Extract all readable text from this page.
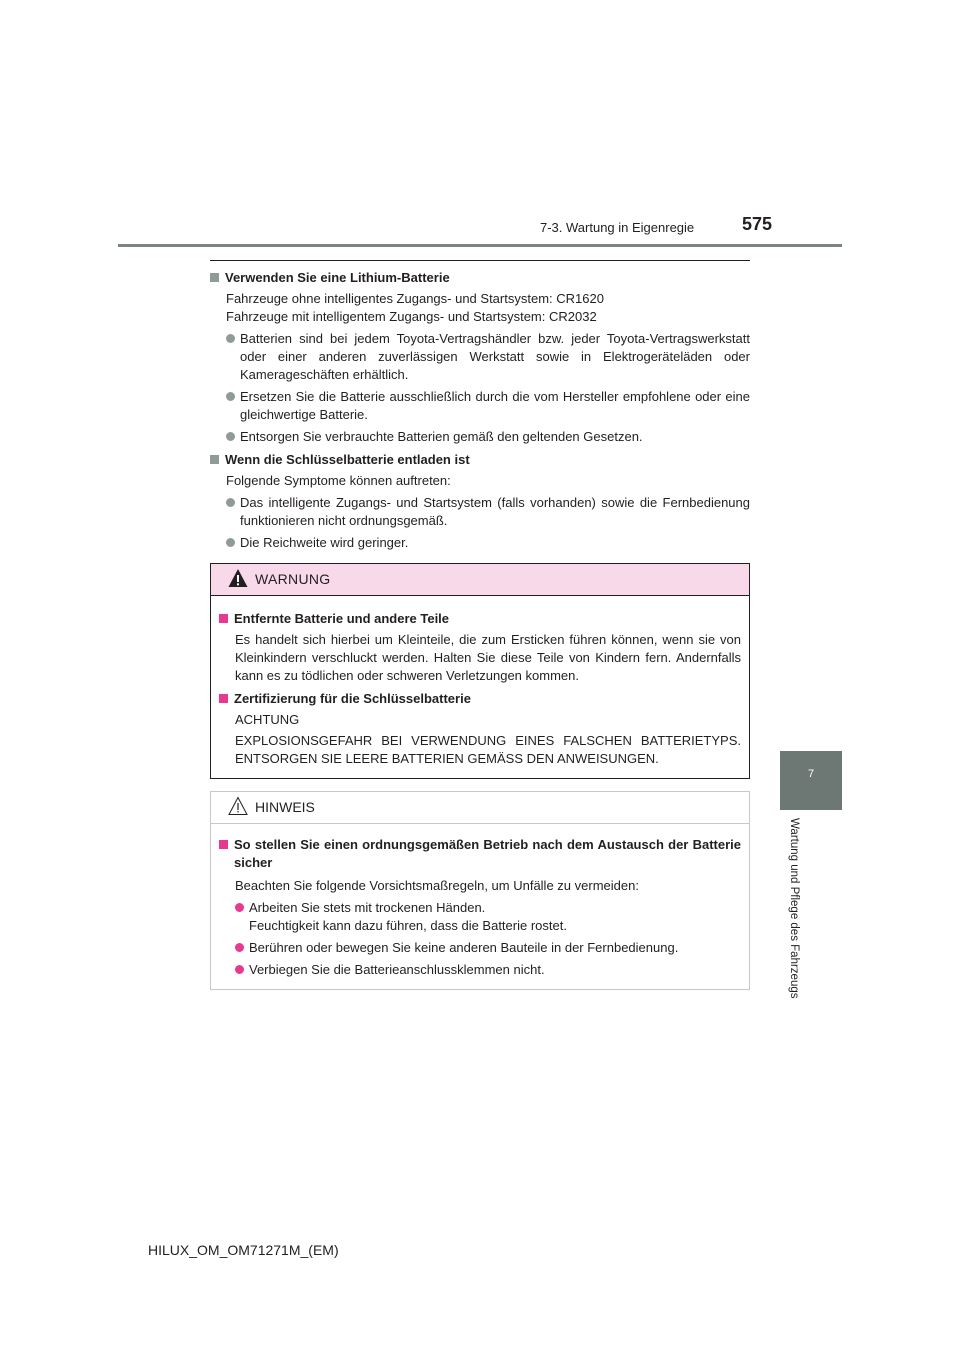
7-3. Wartung in Eigenregie	575
7
Wartung und Pflege des Fahrzeugs
Verwenden Sie eine Lithium-Batterie

Fahrzeuge ohne intelligentes Zugangs- und Startsystem: CR1620

Fahrzeuge mit intelligentem Zugangs- und Startsystem: CR2032

Batterien sind bei jedem Toyota-Vertragshändler bzw. jeder Toyota-Vertragswerkstatt oder einer anderen zuverlässigen Werkstatt sowie in Elektrogeräteläden oder Kamerageschäften erhältlich.
Ersetzen Sie die Batterie ausschließlich durch die vom Hersteller empfohlene oder eine gleichwertige Batterie.
Entsorgen Sie verbrauchte Batterien gemäß den geltenden Gesetzen.
Wenn die Schlüsselbatterie entladen ist

Folgende Symptome können auftreten:

Das intelligente Zugangs- und Startsystem (falls vorhanden) sowie die Fernbedienung funktionieren nicht ordnungsgemäß.
Die Reichweite wird geringer.
WARNUNG
Entfernte Batterie und andere Teile

Es handelt sich hierbei um Kleinteile, die zum Ersticken führen können, wenn sie von Kleinkindern verschluckt werden. Halten Sie diese Teile von Kindern fern. Andernfalls kann es zu tödlichen oder schweren Verletzungen kommen.

Zertifizierung für die Schlüsselbatterie

ACHTUNG

EXPLOSIONSGEFAHR BEI VERWENDUNG EINES FALSCHEN BATTERIETYPS. ENTSORGEN SIE LEERE BATTERIEN GEMÄSS DEN ANWEISUNGEN.

HINWEIS
So stellen Sie einen ordnungsgemäßen Betrieb nach dem Austausch der Batterie sicher

Beachten Sie folgende Vorsichtsmaßregeln, um Unfälle zu vermeiden:

Arbeiten Sie stets mit trockenen Händen.
Feuchtigkeit kann dazu führen, dass die Batterie rostet.
Berühren oder bewegen Sie keine anderen Bauteile in der Fernbedienung.
Verbiegen Sie die Batterieanschlussklemmen nicht.
HILUX_OM_OM71271M_(EM)
